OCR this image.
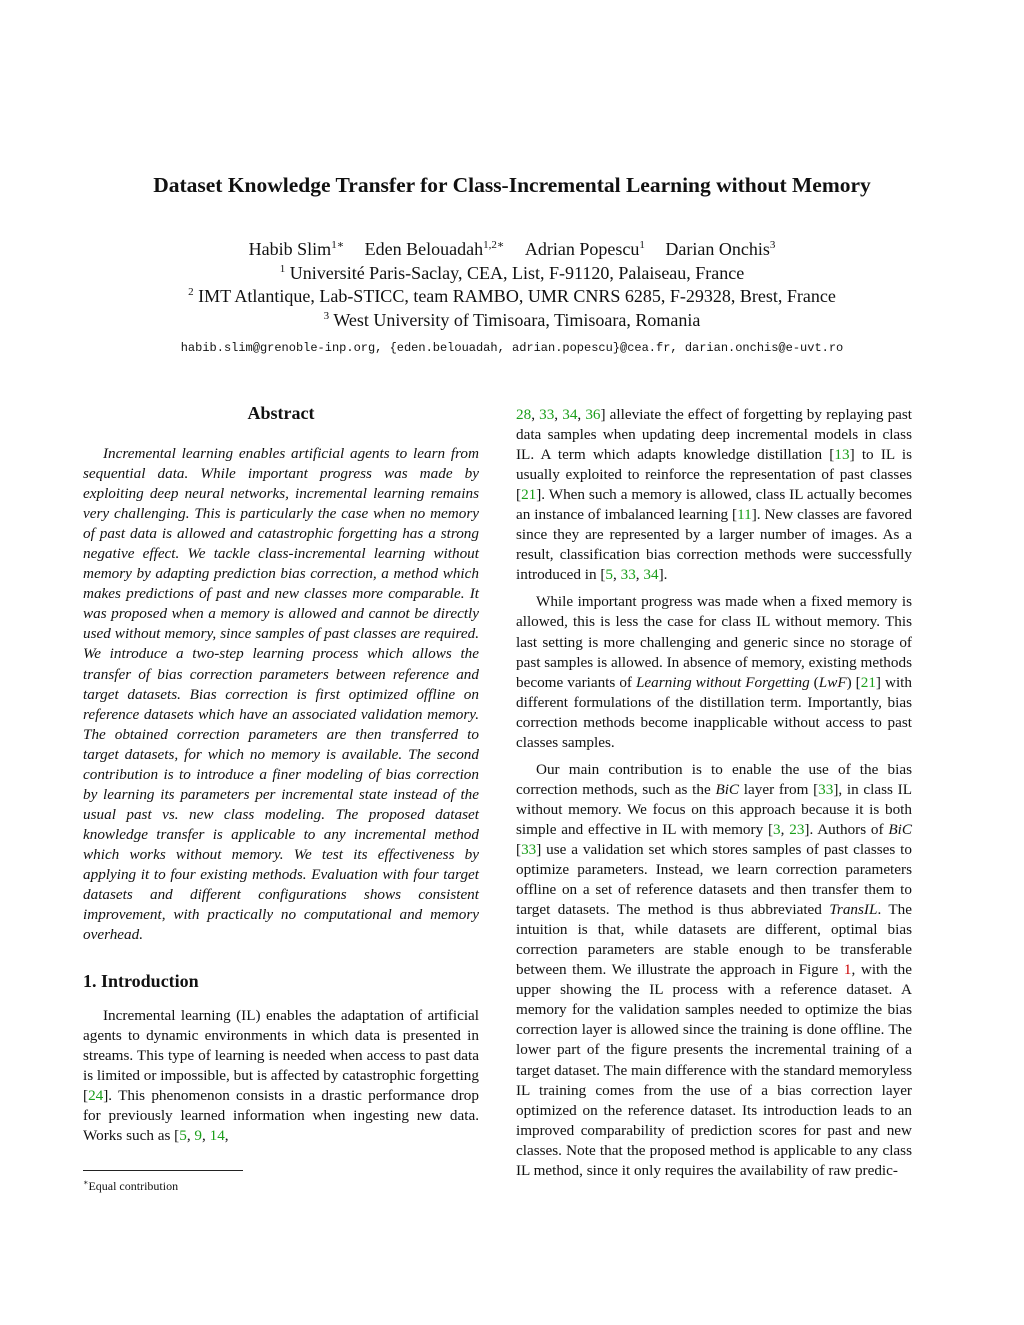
Dataset Knowledge Transfer for Class-Incremental Learning without Memory
Habib Slim$^{1∗}$ Eden Belouadah$^{1,2∗}$ Adrian Popescu$^1$ Darian Onchis$^3$
$^1$ Université Paris-Saclay, CEA, List, F-91120, Palaiseau, France
$^2$ IMT Atlantique, Lab-STICC, team RAMBO, UMR CNRS 6285, F-29328, Brest, France
$^3$ West University of Timisoara, Timisoara, Romania
habib.slim@grenoble-inp.org, {eden.belouadah, adrian.popescu}@cea.fr, darian.onchis@e-uvt.ro
Abstract

Incremental learning enables artificial agents to learn from sequential data. While important progress was made by exploiting deep neural networks, incremental learning remains very challenging. This is particularly the case when no memory of past data is allowed and catastrophic forgetting has a strong negative effect. We tackle class-incremental learning without memory by adapting prediction bias correction, a method which makes predictions of past and new classes more comparable. It was proposed when a memory is allowed and cannot be directly used without memory, since samples of past classes are required. We introduce a two-step learning process which allows the transfer of bias correction parameters between reference and target datasets. Bias correction is first optimized offline on reference datasets which have an associated validation memory. The obtained correction parameters are then transferred to target datasets, for which no memory is available. The second contribution is to introduce a finer modeling of bias correction by learning its parameters per incremental state instead of the usual past vs. new class modeling. The proposed dataset knowledge transfer is applicable to any incremental method which works without memory. We test its effectiveness by applying it to four existing methods. Evaluation with four target datasets and different configurations shows consistent improvement, with practically no computational and memory overhead.

1. Introduction

Incremental learning (IL) enables the adaptation of artificial agents to dynamic environments in which data is presented in streams. This type of learning is needed when access to past data is limited or impossible, but is affected by catastrophic forgetting [24]. This phenomenon consists in a drastic performance drop for previously learned information when ingesting new data. Works such as [5, 9, 14,

28, 33, 34, 36] alleviate the effect of forgetting by replaying past data samples when updating deep incremental models in class IL. A term which adapts knowledge distillation [13] to IL is usually exploited to reinforce the representation of past classes [21]. When such a memory is allowed, class IL actually becomes an instance of imbalanced learning [11]. New classes are favored since they are represented by a larger number of images. As a result, classification bias correction methods were successfully introduced in [5, 33, 34].

While important progress was made when a fixed memory is allowed, this is less the case for class IL without memory. This last setting is more challenging and generic since no storage of past samples is allowed. In absence of memory, existing methods become variants of Learning without Forgetting (LwF) [21] with different formulations of the distillation term. Importantly, bias correction methods become inapplicable without access to past classes samples.

Our main contribution is to enable the use of the bias correction methods, such as the BiC layer from [33], in class IL without memory. We focus on this approach because it is both simple and effective in IL with memory [3, 23]. Authors of BiC [33] use a validation set which stores samples of past classes to optimize parameters. Instead, we learn correction parameters offline on a set of reference datasets and then transfer them to target datasets. The method is thus abbreviated TransIL. The intuition is that, while datasets are different, optimal bias correction parameters are stable enough to be transferable between them. We illustrate the approach in Figure 1, with the upper showing the IL process with a reference dataset. A memory for the validation samples needed to optimize the bias correction layer is allowed since the training is done offline. The lower part of the figure presents the incremental training of a target dataset. The main difference with the standard memoryless IL training comes from the use of a bias correction layer optimized on the reference dataset. Its introduction leads to an improved comparability of prediction scores for past and new classes. Note that the proposed method is applicable to any class IL method, since it only requires the availability of raw predic-

∗Equal contribution
